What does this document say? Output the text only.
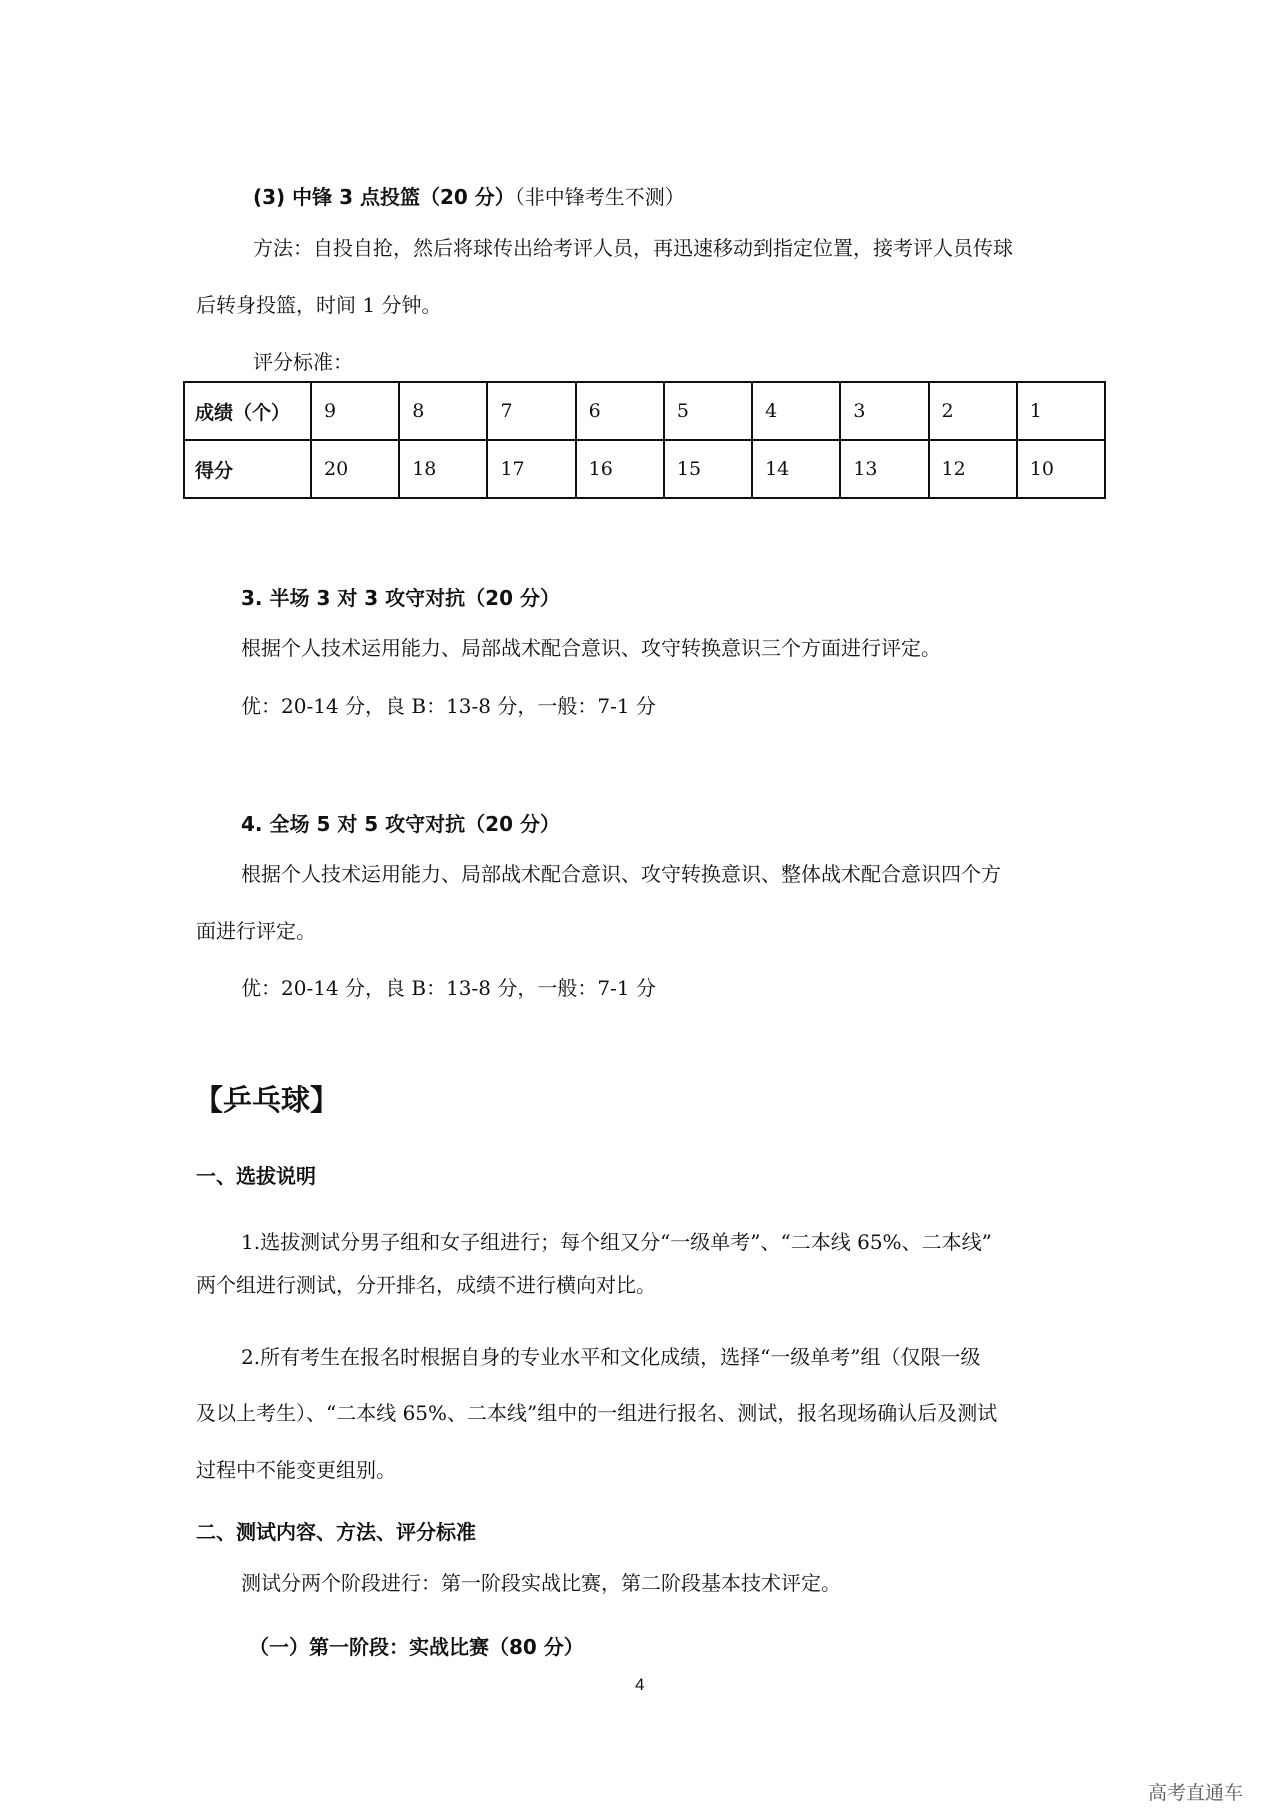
(3) 中锋 3 点投篮（20 分）（非中锋考生不测）
方法：自投自抢，然后将球传出给考评人员，再迅速移动到指定位置，接考评人员传球
后转身投篮，时间 1 分钟。
评分标准：
成绩（个）	9	8	7	6	5	4	3	2	1
得分	20	18	17	16	15	14	13	12	10
3. 半场 3 对 3 攻守对抗（20 分）
根据个人技术运用能力、局部战术配合意识、攻守转换意识三个方面进行评定。
优：20-14 分，良 B：13-8 分，一般：7-1 分
4. 全场 5 对 5 攻守对抗（20 分）
根据个人技术运用能力、局部战术配合意识、攻守转换意识、整体战术配合意识四个方
面进行评定。
优：20-14 分，良 B：13-8 分，一般：7-1 分
【乒乓球】
一、选拔说明
1.选拔测试分男子组和女子组进行；每个组又分“一级单考”、“二本线 65%、二本线”
两个组进行测试，分开排名，成绩不进行横向对比。
2.所有考生在报名时根据自身的专业水平和文化成绩，选择“一级单考”组（仅限一级
及以上考生）、“二本线 65%、二本线”组中的一组进行报名、测试，报名现场确认后及测试
过程中不能变更组别。
二、测试内容、方法、评分标准
测试分两个阶段进行：第一阶段实战比赛，第二阶段基本技术评定。
（一）第一阶段：实战比赛（80 分）
4
高考直通车
